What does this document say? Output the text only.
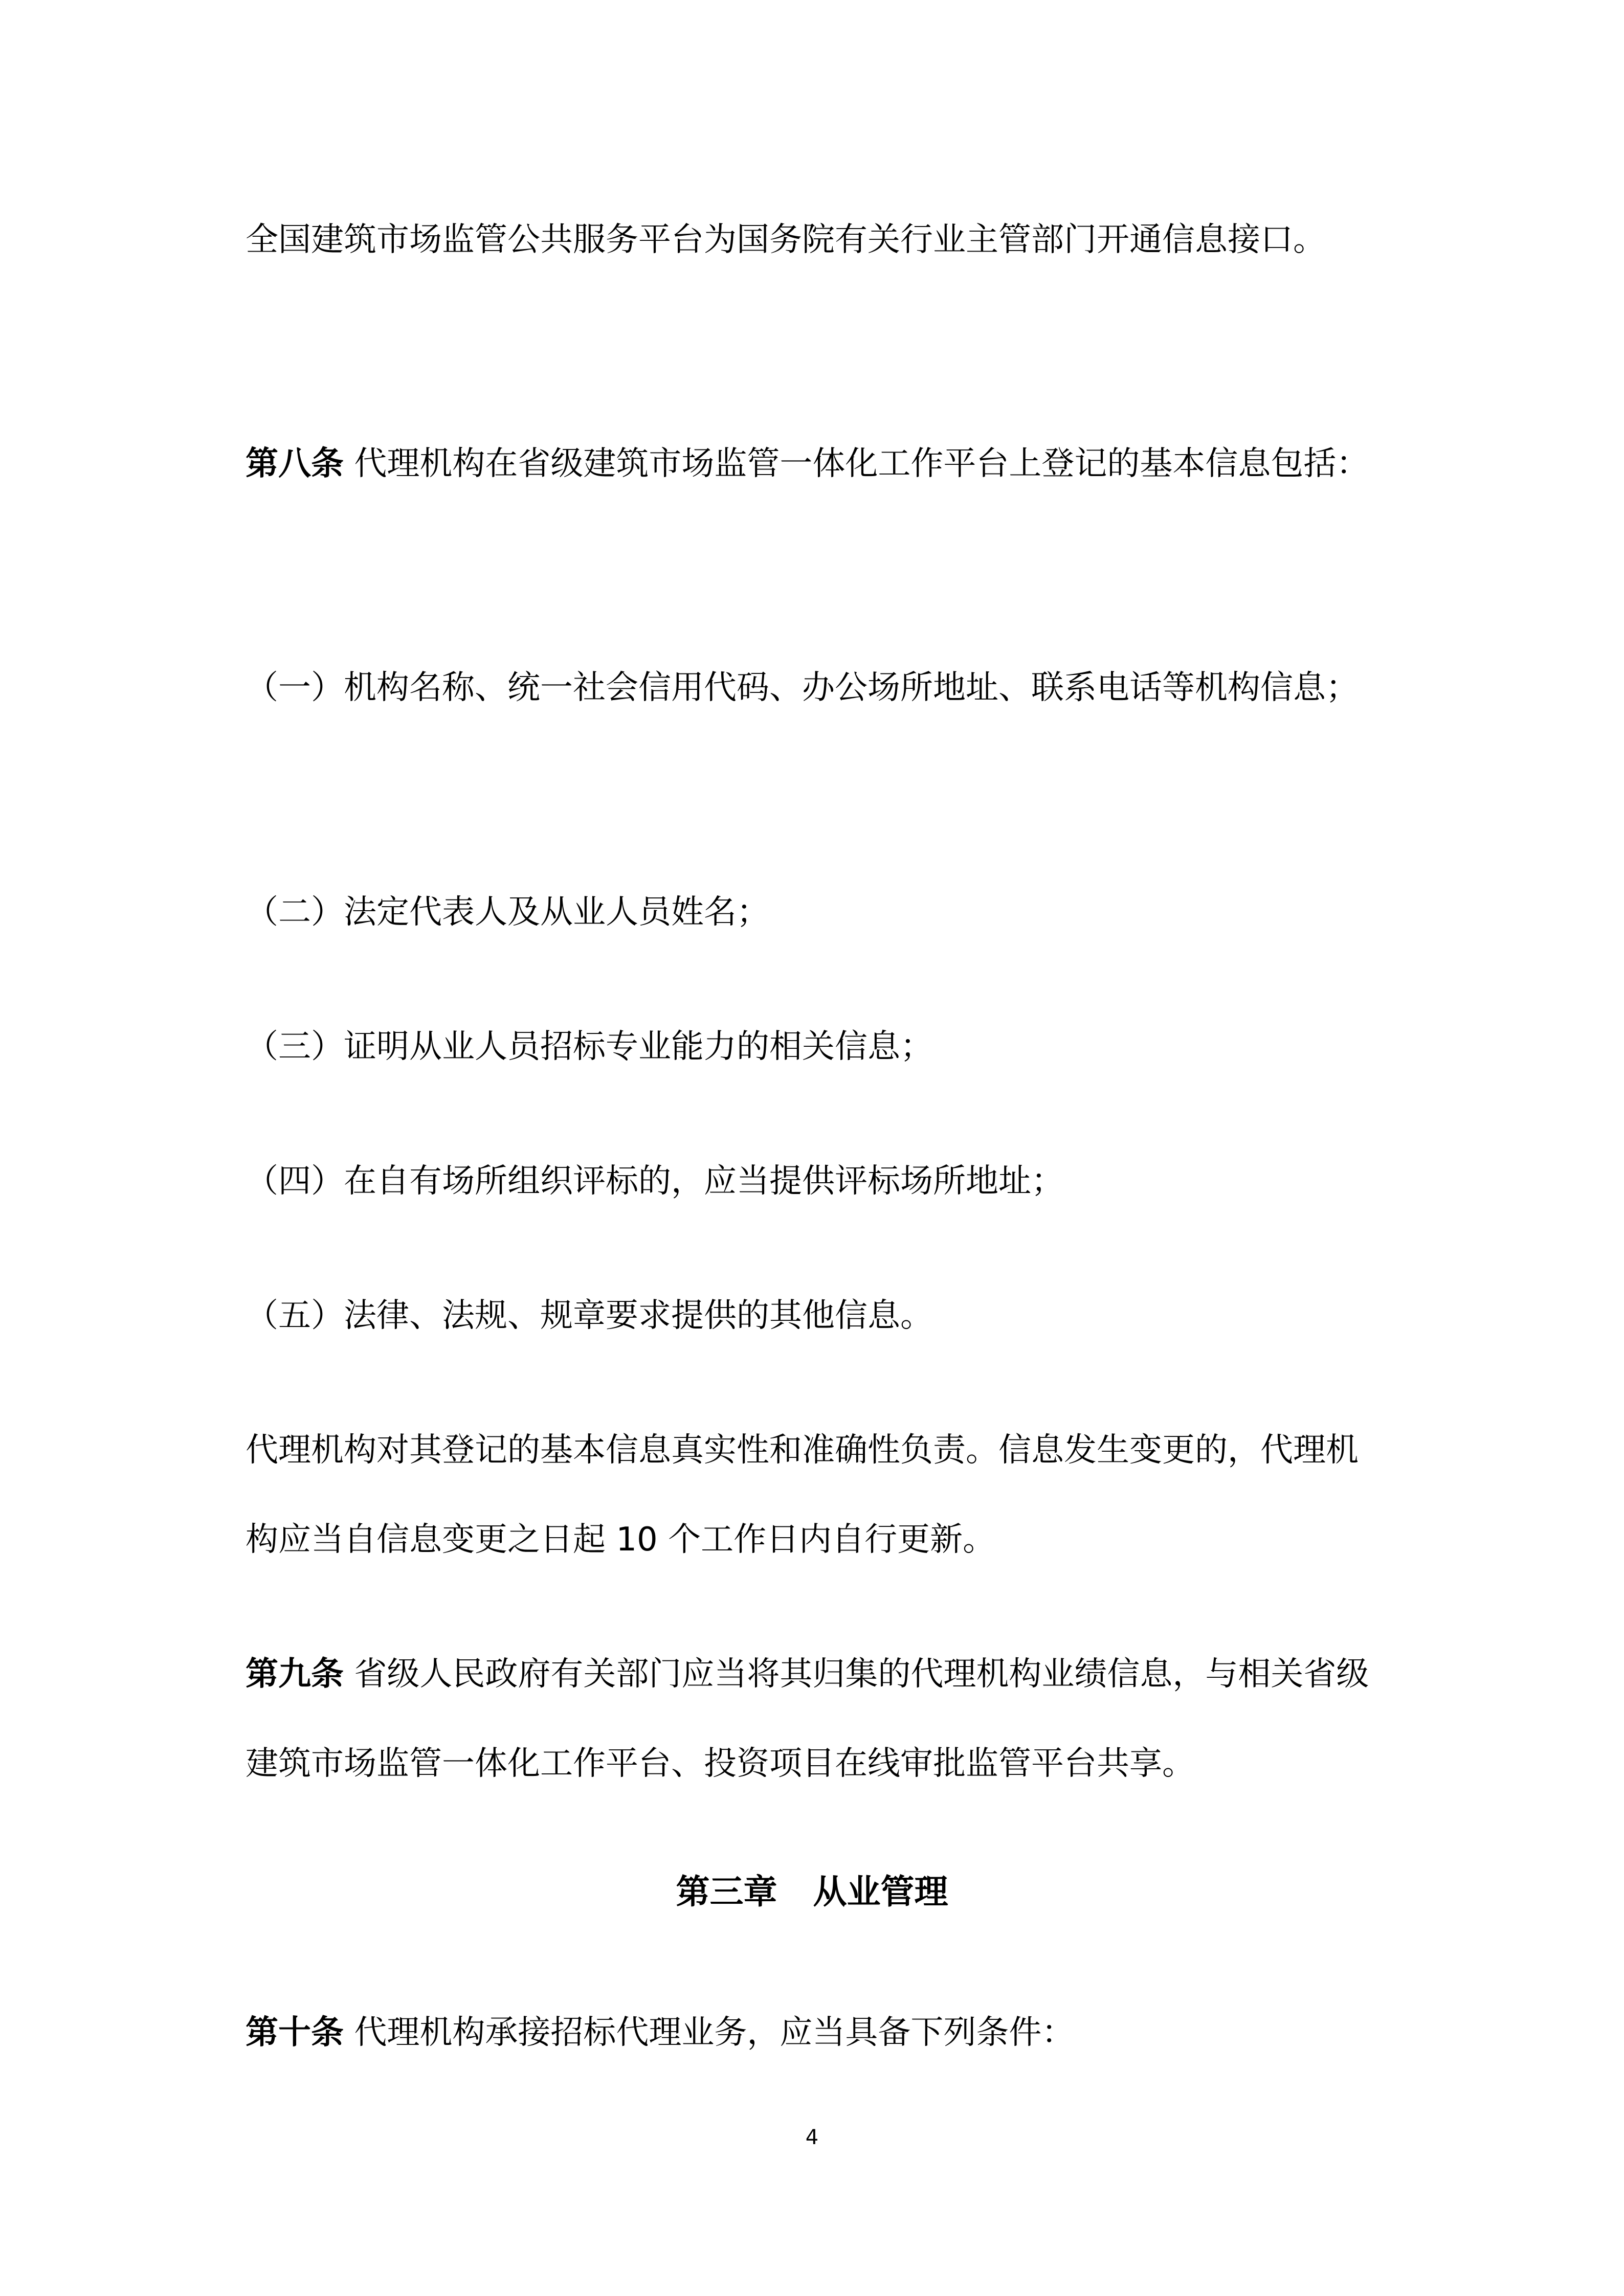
全国建筑市场监管公共服务平台为国务院有关行业主管部门开通信息接口。

第八条 代理机构在省级建筑市场监管一体化工作平台上登记的基本信息包括：

（一）机构名称、统一社会信用代码、办公场所地址、联系电话等机构信息；

（二）法定代表人及从业人员姓名；

（三）证明从业人员招标专业能力的相关信息；

（四）在自有场所组织评标的，应当提供评标场所地址；

（五）法律、法规、规章要求提供的其他信息。

代理机构对其登记的基本信息真实性和准确性负责。信息发生变更的，代理机构应当自信息变更之日起 10 个工作日内自行更新。

第九条 省级人民政府有关部门应当将其归集的代理机构业绩信息，与相关省级建筑市场监管一体化工作平台、投资项目在线审批监管平台共享。

第三章 从业管理

第十条 代理机构承接招标代理业务，应当具备下列条件：

4
